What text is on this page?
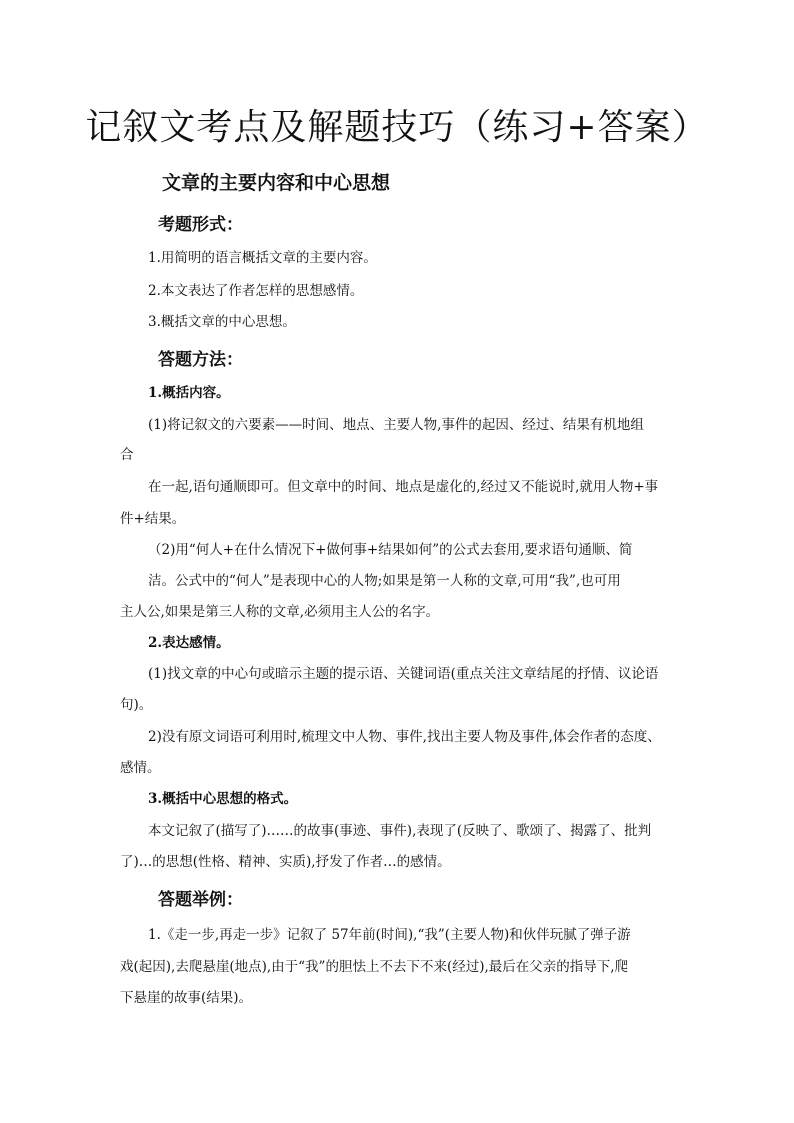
记叙文考点及解题技巧（练习+答案）
文章的主要内容和中心思想
考题形式：
1.用简明的语言概括文章的主要内容。
2.本文表达了作者怎样的思想感情。
3.概括文章的中心思想。
答题方法：
1.概括内容。
(1)将记叙文的六要素——时间、地点、主要人物,事件的起因、经过、结果有机地组
合
在一起,语句通顺即可。但文章中的时间、地点是虚化的,经过又不能说时,就用人物+事
件+结果。
（2)用“何人+在什么情况下+做何事+结果如何”的公式去套用,要求语句通顺、简
洁。公式中的“何人”是表现中心的人物;如果是第一人称的文章,可用“我”,也可用
主人公,如果是第三人称的文章,必须用主人公的名字。
2.表达感情。
(1)找文章的中心句或暗示主题的提示语、关键词语(重点关注文章结尾的抒情、议论语
句)。
2)没有原文词语可利用时,梳理文中人物、事件,找出主要人物及事件,体会作者的态度、
感情。
3.概括中心思想的格式。
本文记叙了(描写了)……的故事(事迹、事件),表现了(反映了、歌颂了、揭露了、批判
了)…的思想(性格、精神、实质),抒发了作者…的感情。
答题举例：
1.《走一步,再走一步》记叙了 57年前(时间),“我”(主要人物)和伙伴玩腻了弹子游
戏(起因),去爬悬崖(地点),由于“我”的胆怯上不去下不来(经过),最后在父亲的指导下,爬
下悬崖的故事(结果)。
